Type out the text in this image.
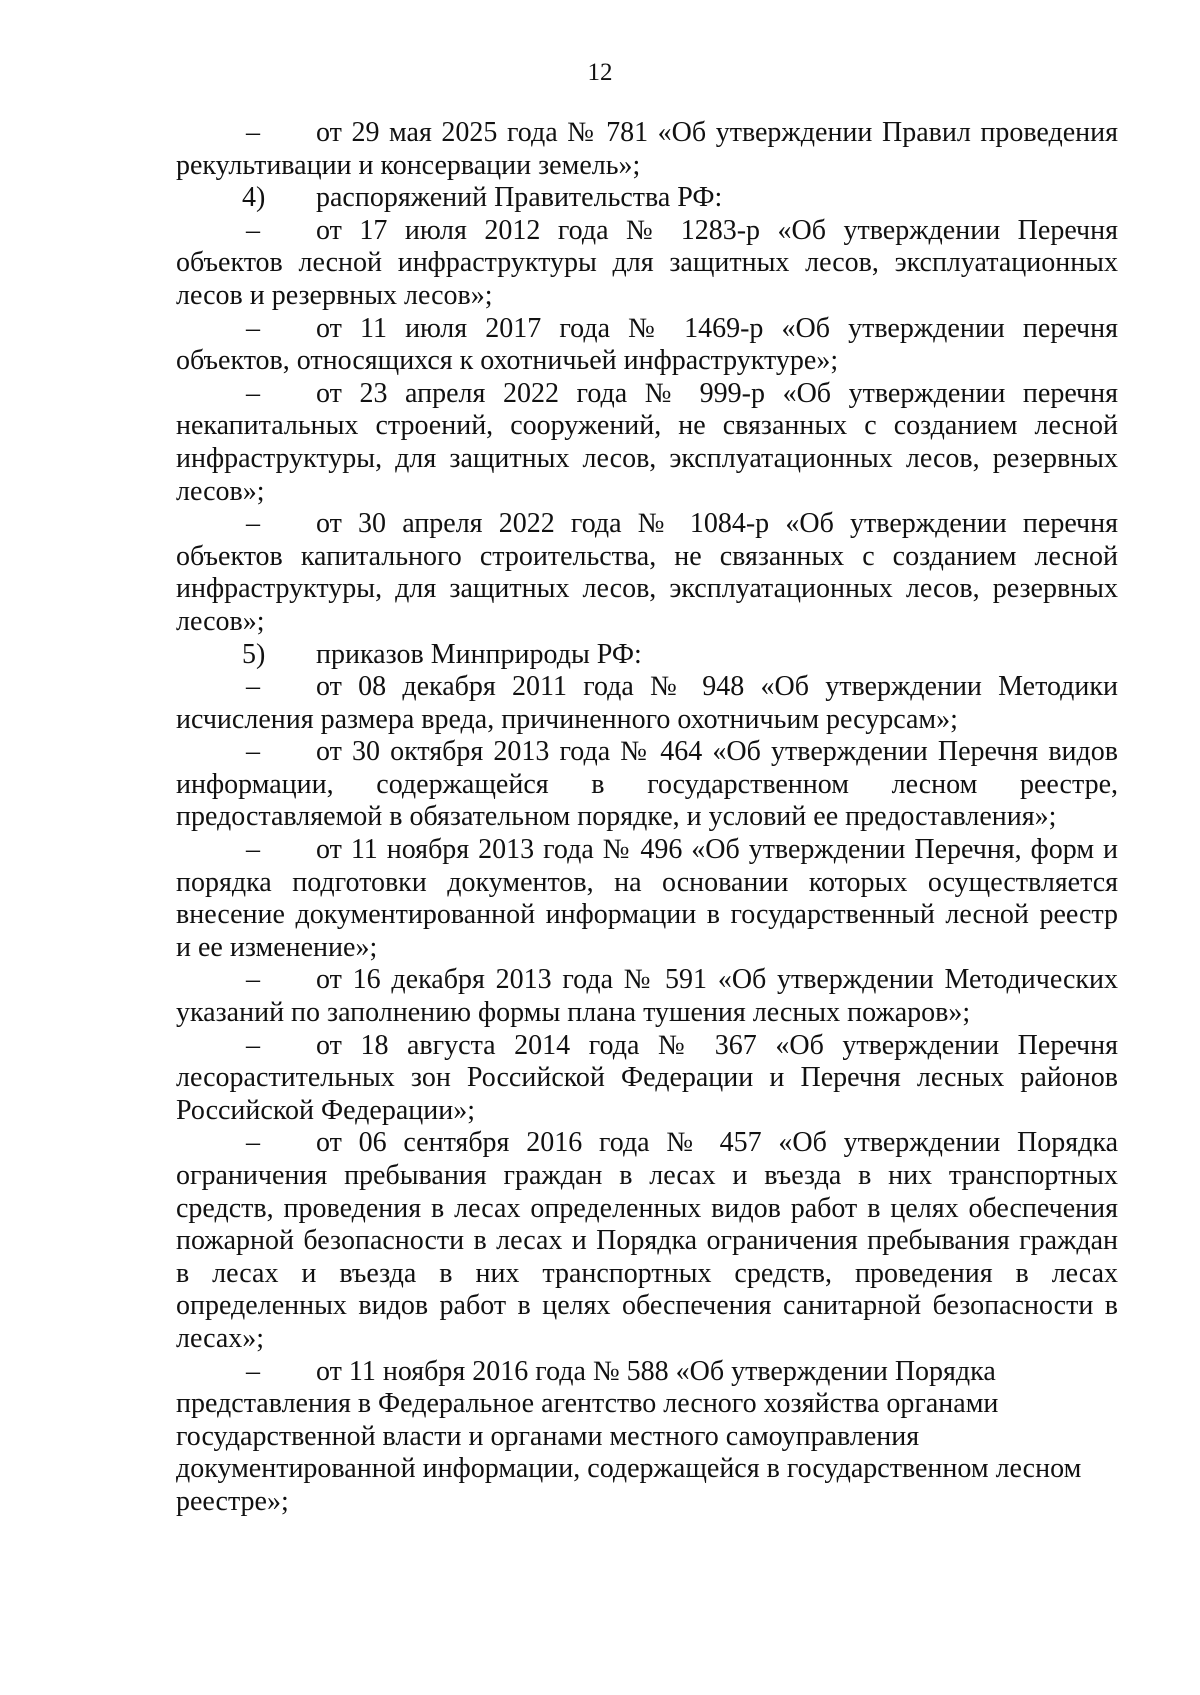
12

– от 29 мая 2025 года № 781 «Об утверждении Правил проведения рекультивации и консервации земель»;

4) распоряжений Правительства РФ:

– от 17 июля 2012 года № 1283-р «Об утверждении Перечня объектов лесной инфраструктуры для защитных лесов, эксплуатационных лесов и резервных лесов»;

– от 11 июля 2017 года № 1469-р «Об утверждении перечня объектов, относящихся к охотничьей инфраструктуре»;

– от 23 апреля 2022 года № 999-р «Об утверждении перечня некапитальных строений, сооружений, не связанных с созданием лесной инфраструктуры, для защитных лесов, эксплуатационных лесов, резервных лесов»;

– от 30 апреля 2022 года № 1084-р «Об утверждении перечня объектов капитального строительства, не связанных с созданием лесной инфраструктуры, для защитных лесов, эксплуатационных лесов, резервных лесов»;

5) приказов Минприроды РФ:

– от 08 декабря 2011 года № 948 «Об утверждении Методики исчисления размера вреда, причиненного охотничьим ресурсам»;

– от 30 октября 2013 года № 464 «Об утверждении Перечня видов информации, содержащейся в государственном лесном реестре, предоставляемой в обязательном порядке, и условий ее предоставления»;

– от 11 ноября 2013 года № 496 «Об утверждении Перечня, форм и порядка подготовки документов, на основании которых осуществляется внесение документированной информации в государственный лесной реестр и ее изменение»;

– от 16 декабря 2013 года № 591 «Об утверждении Методических указаний по заполнению формы плана тушения лесных пожаров»;

– от 18 августа 2014 года № 367 «Об утверждении Перечня лесорастительных зон Российской Федерации и Перечня лесных районов Российской Федерации»;

– от 06 сентября 2016 года № 457 «Об утверждении Порядка ограничения пребывания граждан в лесах и въезда в них транспортных средств, проведения в лесах определенных видов работ в целях обеспечения пожарной безопасности в лесах и Порядка ограничения пребывания граждан в лесах и въезда в них транспортных средств, проведения в лесах определенных видов работ в целях обеспечения санитарной безопасности в лесах»;

– от 11 ноября 2016 года № 588 «Об утверждении Порядка представления в Федеральное агентство лесного хозяйства органами государственной власти и органами местного самоуправления документированной информации, содержащейся в государственном лесном реестре»;
